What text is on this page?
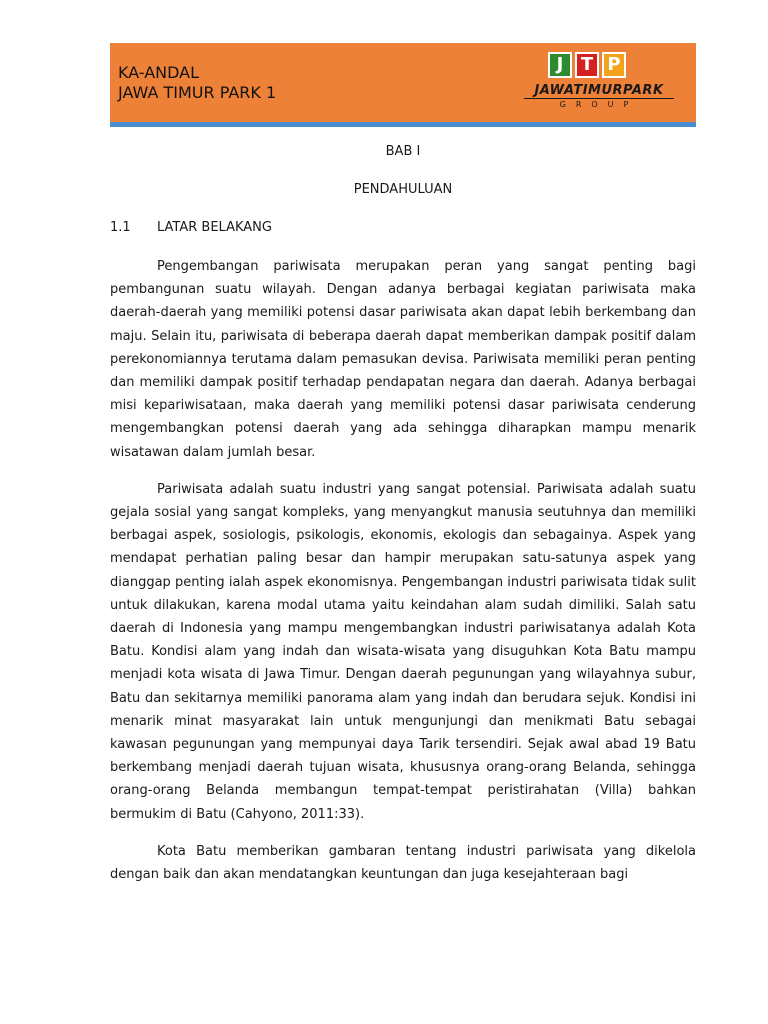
KA-ANDAL
JAWA TIMUR PARK 1
J T P
JAWATIMURPARK
GROUP

BAB I

PENDAHULUAN

1.1	LATAR BELAKANG

Pengembangan pariwisata merupakan peran yang sangat penting bagi pembangunan suatu wilayah. Dengan adanya berbagai kegiatan pariwisata maka daerah-daerah yang memiliki potensi dasar pariwisata akan dapat lebih berkembang dan maju. Selain itu, pariwisata di beberapa daerah dapat memberikan dampak positif dalam perekonomiannya terutama dalam pemasukan devisa. Pariwisata memiliki peran penting dan memiliki dampak positif terhadap pendapatan negara dan daerah. Adanya berbagai misi kepariwisataan, maka daerah yang memiliki potensi dasar pariwisata cenderung mengembangkan potensi daerah yang ada sehingga diharapkan mampu menarik wisatawan dalam jumlah besar.

Pariwisata adalah suatu industri yang sangat potensial. Pariwisata adalah suatu gejala sosial yang sangat kompleks, yang menyangkut manusia seutuhnya dan memiliki berbagai aspek, sosiologis, psikologis, ekonomis, ekologis dan sebagainya. Aspek yang mendapat perhatian paling besar dan hampir merupakan satu-satunya aspek yang dianggap penting ialah aspek ekonomisnya. Pengembangan industri pariwisata tidak sulit untuk dilakukan, karena modal utama yaitu keindahan alam sudah dimiliki. Salah satu daerah di Indonesia yang mampu mengembangkan industri pariwisatanya adalah Kota Batu. Kondisi alam yang indah dan wisata-wisata yang disuguhkan Kota Batu mampu menjadi kota wisata di Jawa Timur. Dengan daerah pegunungan yang wilayahnya subur, Batu dan sekitarnya memiliki panorama alam yang indah dan berudara sejuk. Kondisi ini menarik minat masyarakat lain untuk mengunjungi dan menikmati Batu sebagai kawasan pegunungan yang mempunyai daya Tarik tersendiri. Sejak awal abad 19 Batu berkembang menjadi daerah tujuan wisata, khususnya orang-orang Belanda, sehingga orang-orang Belanda membangun tempat-tempat peristirahatan (Villa) bahkan bermukim di Batu (Cahyono, 2011:33).

Kota Batu memberikan gambaran tentang industri pariwisata yang dikelola dengan baik dan akan mendatangkan keuntungan dan juga kesejahteraan bagi
